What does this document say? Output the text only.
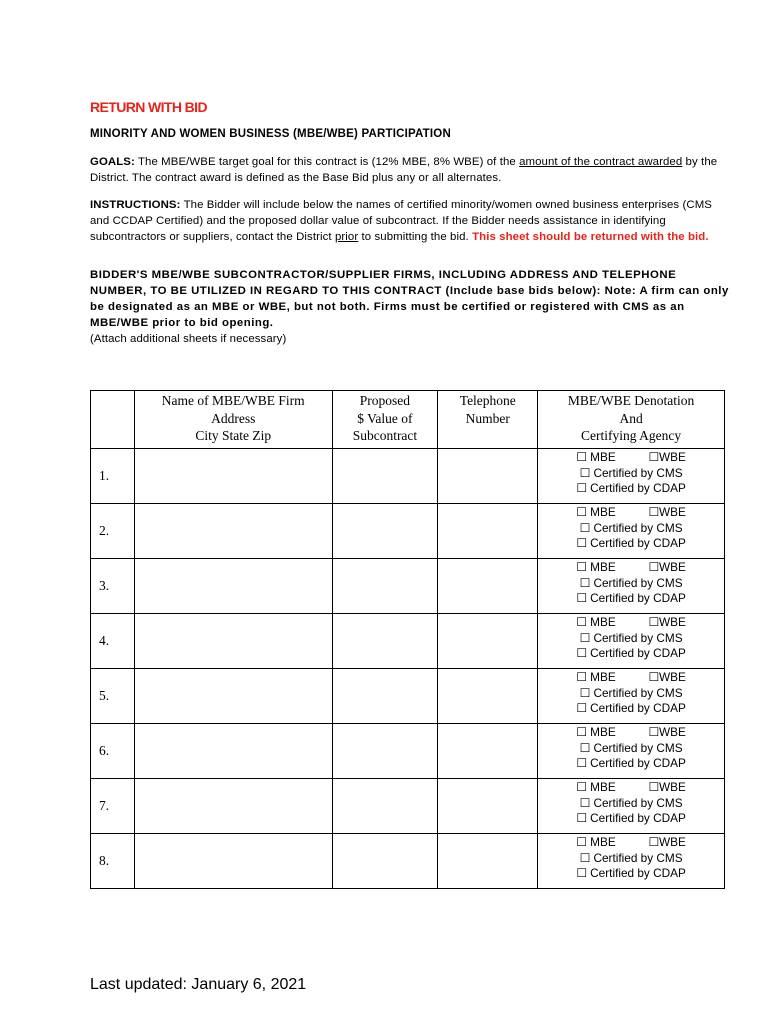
RETURN WITH BID
MINORITY AND WOMEN BUSINESS (MBE/WBE) PARTICIPATION
GOALS: The MBE/WBE target goal for this contract is (12% MBE, 8% WBE) of the amount of the contract awarded by the District. The contract award is defined as the Base Bid plus any or all alternates.
INSTRUCTIONS: The Bidder will include below the names of certified minority/women owned business enterprises (CMS and CCDAP Certified) and the proposed dollar value of subcontract. If the Bidder needs assistance in identifying subcontractors or suppliers, contact the District prior to submitting the bid. This sheet should be returned with the bid.
BIDDER'S MBE/WBE SUBCONTRACTOR/SUPPLIER FIRMS, INCLUDING ADDRESS AND TELEPHONE NUMBER, TO BE UTILIZED IN REGARD TO THIS CONTRACT (Include base bids below): Note: A firm can only be designated as an MBE or WBE, but not both. Firms must be certified or registered with CMS as an MBE/WBE prior to bid opening.
(Attach additional sheets if necessary)

	Name of MBE/WBE Firm
Address
City State Zip	Proposed
$ Value of
Subcontract	Telephone
Number	MBE/WBE Denotation
And
Certifying Agency

1.				☐ MBE          ☐WBE
☐ Certified by CMS
☐ Certified by CDAP

2.				☐ MBE          ☐WBE
☐ Certified by CMS
☐ Certified by CDAP

3.				☐ MBE          ☐WBE
☐ Certified by CMS
☐ Certified by CDAP

4.				☐ MBE          ☐WBE
☐ Certified by CMS
☐ Certified by CDAP

5.				☐ MBE          ☐WBE
☐ Certified by CMS
☐ Certified by CDAP

6.				☐ MBE          ☐WBE
☐ Certified by CMS
☐ Certified by CDAP

7.				☐ MBE          ☐WBE
☐ Certified by CMS
☐ Certified by CDAP

8.				☐ MBE          ☐WBE
☐ Certified by CMS
☐ Certified by CDAP
Last updated: January 6, 2021
